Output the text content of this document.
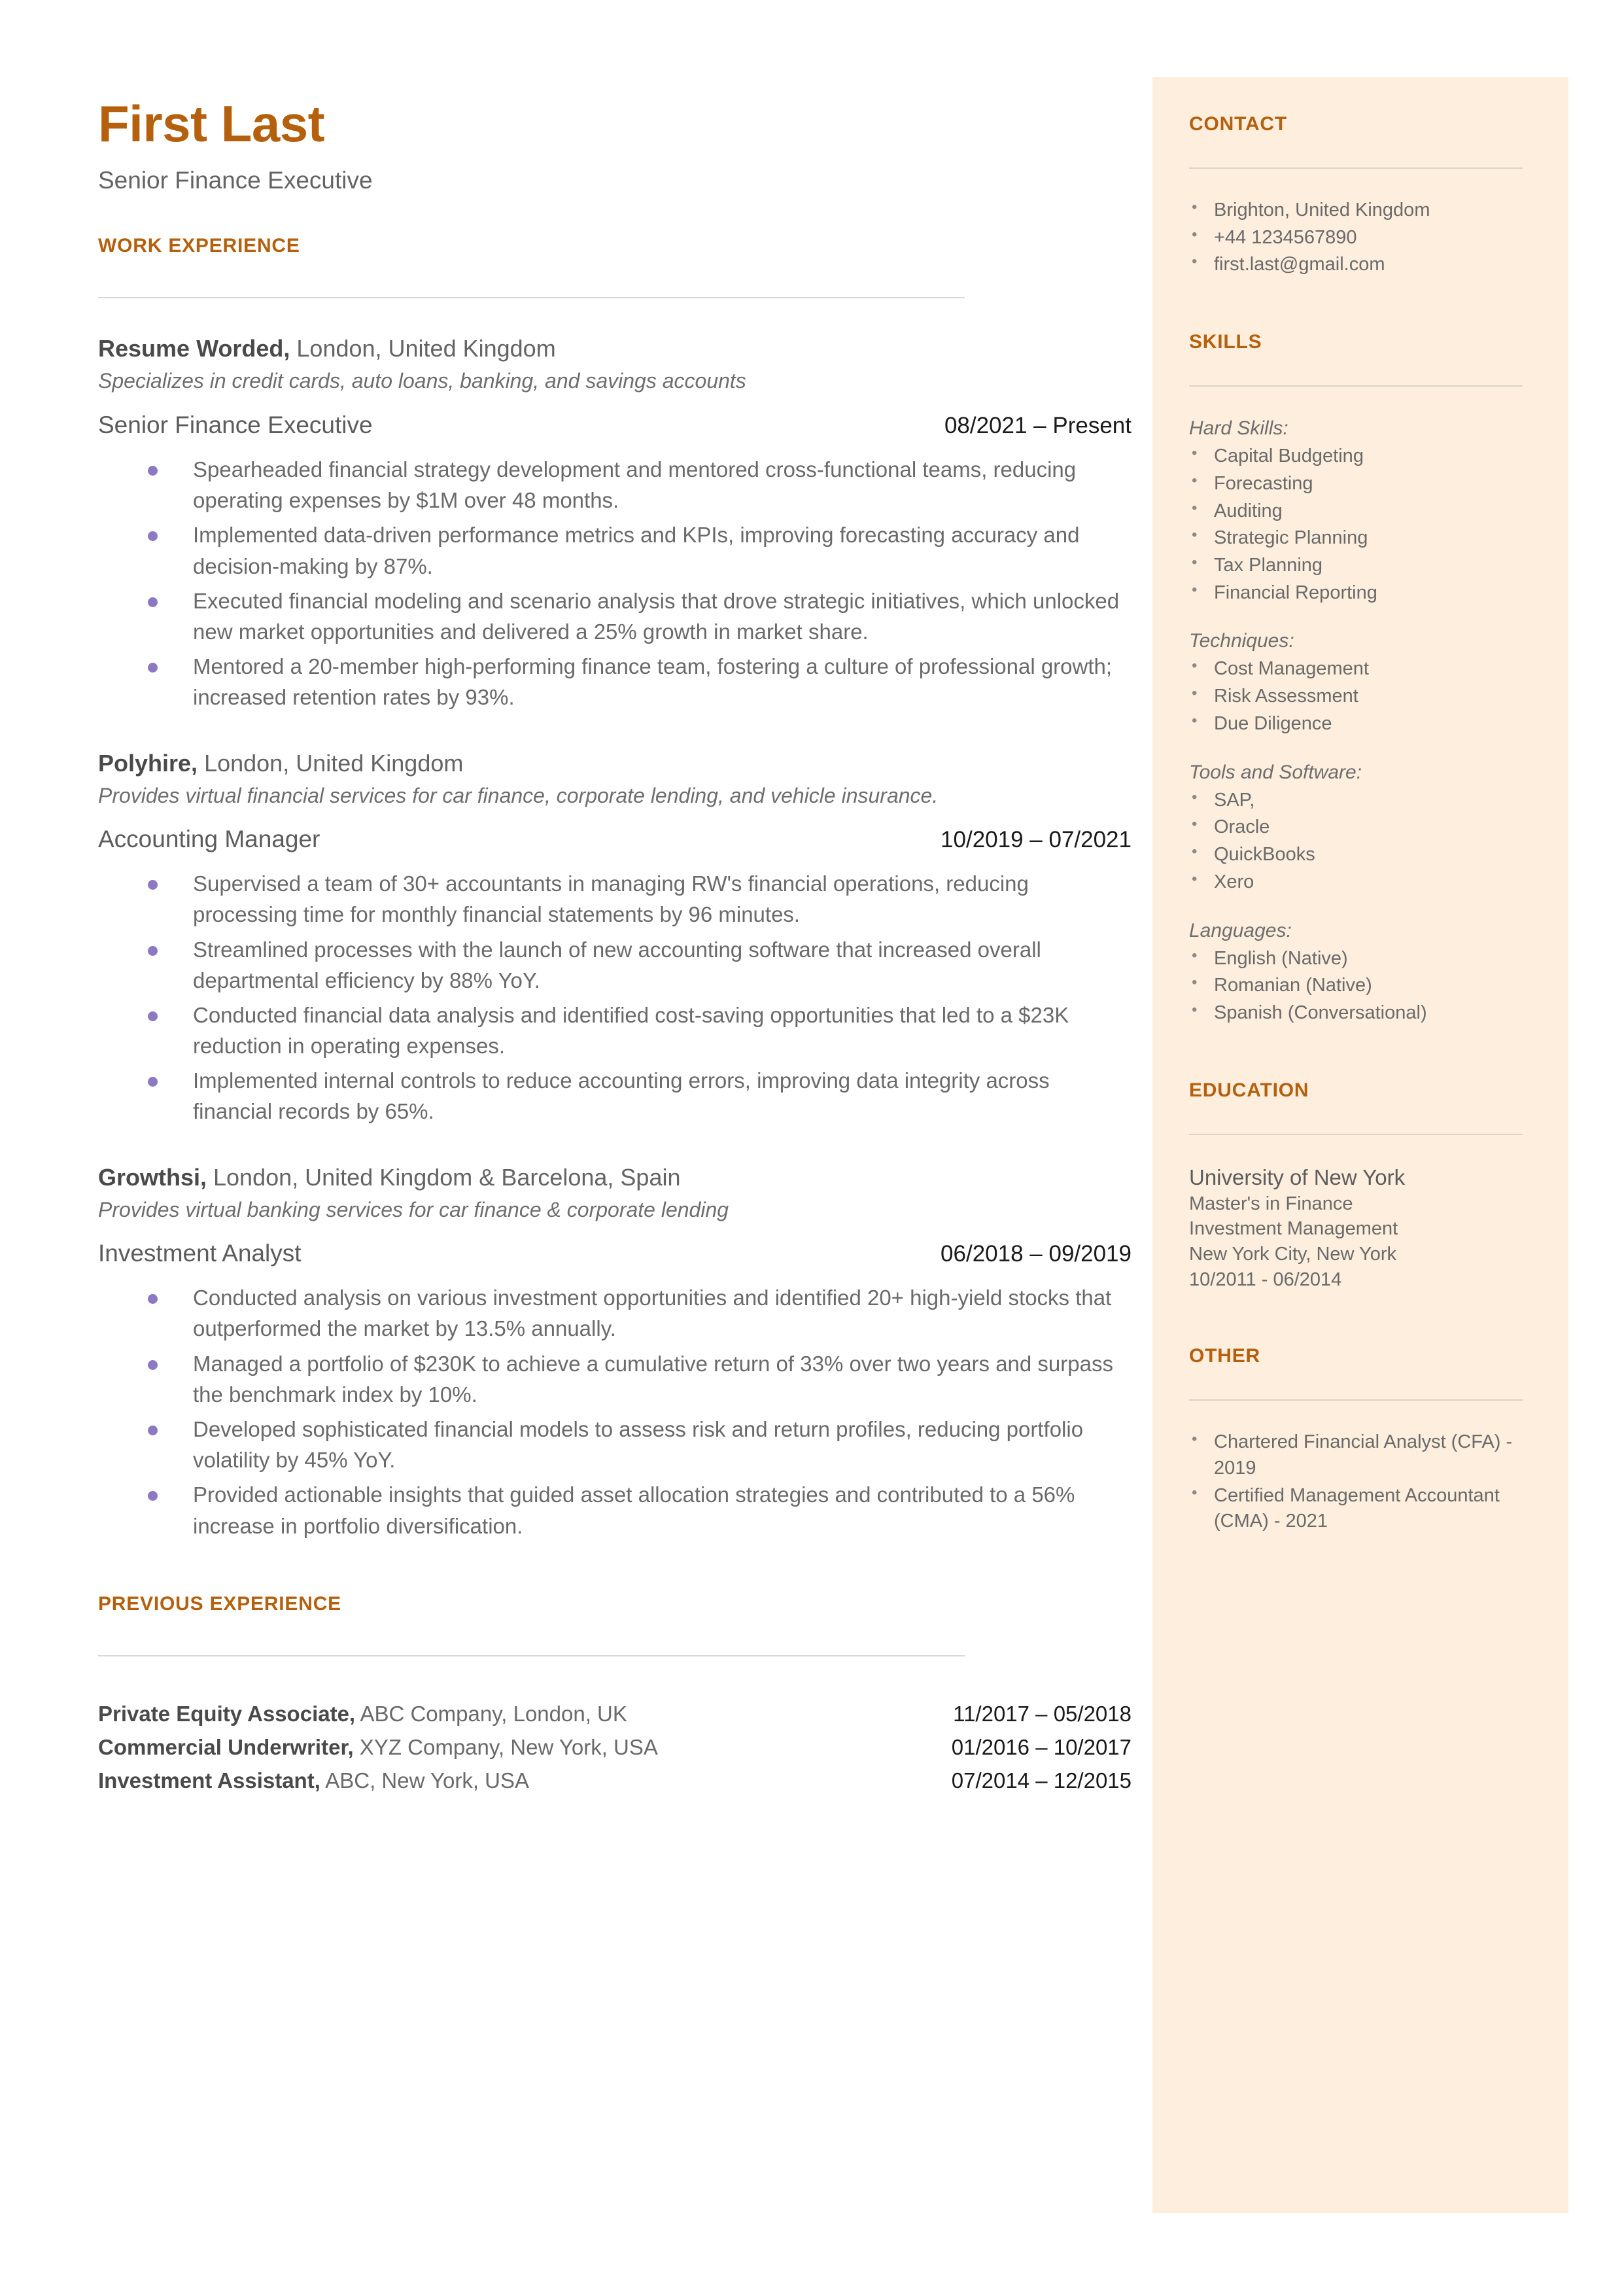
First Last
Senior Finance Executive
WORK EXPERIENCE

Resume Worded, London, United Kingdom

Specializes in credit cards, auto loans, banking, and savings accounts

Senior Finance Executive	08/2021 – Present
Spearheaded financial strategy development and mentored cross-functional teams, reducing operating expenses by $1M over 48 months.
Implemented data-driven performance metrics and KPIs, improving forecasting accuracy and decision-making by 87%.
Executed financial modeling and scenario analysis that drove strategic initiatives, which unlocked new market opportunities and delivered a 25% growth in market share.
Mentored a 20-member high-performing finance team, fostering a culture of professional growth; increased retention rates by 93%.

Polyhire, London, United Kingdom

Provides virtual financial services for car finance, corporate lending, and vehicle insurance.

Accounting Manager	10/2019 – 07/2021
Supervised a team of 30+ accountants in managing RW's financial operations, reducing processing time for monthly financial statements by 96 minutes.
Streamlined processes with the launch of new accounting software that increased overall departmental efficiency by 88% YoY.
Conducted financial data analysis and identified cost-saving opportunities that led to a $23K reduction in operating expenses.
Implemented internal controls to reduce accounting errors, improving data integrity across financial records by 65%.

Growthsi, London, United Kingdom & Barcelona, Spain

Provides virtual banking services for car finance & corporate lending

Investment Analyst	06/2018 – 09/2019
Conducted analysis on various investment opportunities and identified 20+ high-yield stocks that outperformed the market by 13.5% annually.
Managed a portfolio of $230K to achieve a cumulative return of 33% over two years and surpass the benchmark index by 10%.
Developed sophisticated financial models to assess risk and return profiles, reducing portfolio volatility by 45% YoY.
Provided actionable insights that guided asset allocation strategies and contributed to a 56% increase in portfolio diversification.
PREVIOUS EXPERIENCE
Private Equity Associate, ABC Company, London, UK	11/2017 – 05/2018
Commercial Underwriter, XYZ Company, New York, USA	01/2016 – 10/2017
Investment Assistant, ABC, New York, USA	07/2014 – 12/2015
CONTACT
• Brighton, United Kingdom
• +44 1234567890
• first.last@gmail.com
SKILLS
Hard Skills:
• Capital Budgeting
• Forecasting
• Auditing
• Strategic Planning
• Tax Planning
• Financial Reporting
Techniques:
• Cost Management
• Risk Assessment
• Due Diligence
Tools and Software:
• SAP,
• Oracle
• QuickBooks
• Xero
Languages:
• English (Native)
• Romanian (Native)
• Spanish (Conversational)
EDUCATION

University of New York

Master's in Finance

Investment Management

New York City, New York

10/2011 - 06/2014

OTHER
• Chartered Financial Analyst (CFA) - 2019
• Certified Management Accountant (CMA) - 2021
